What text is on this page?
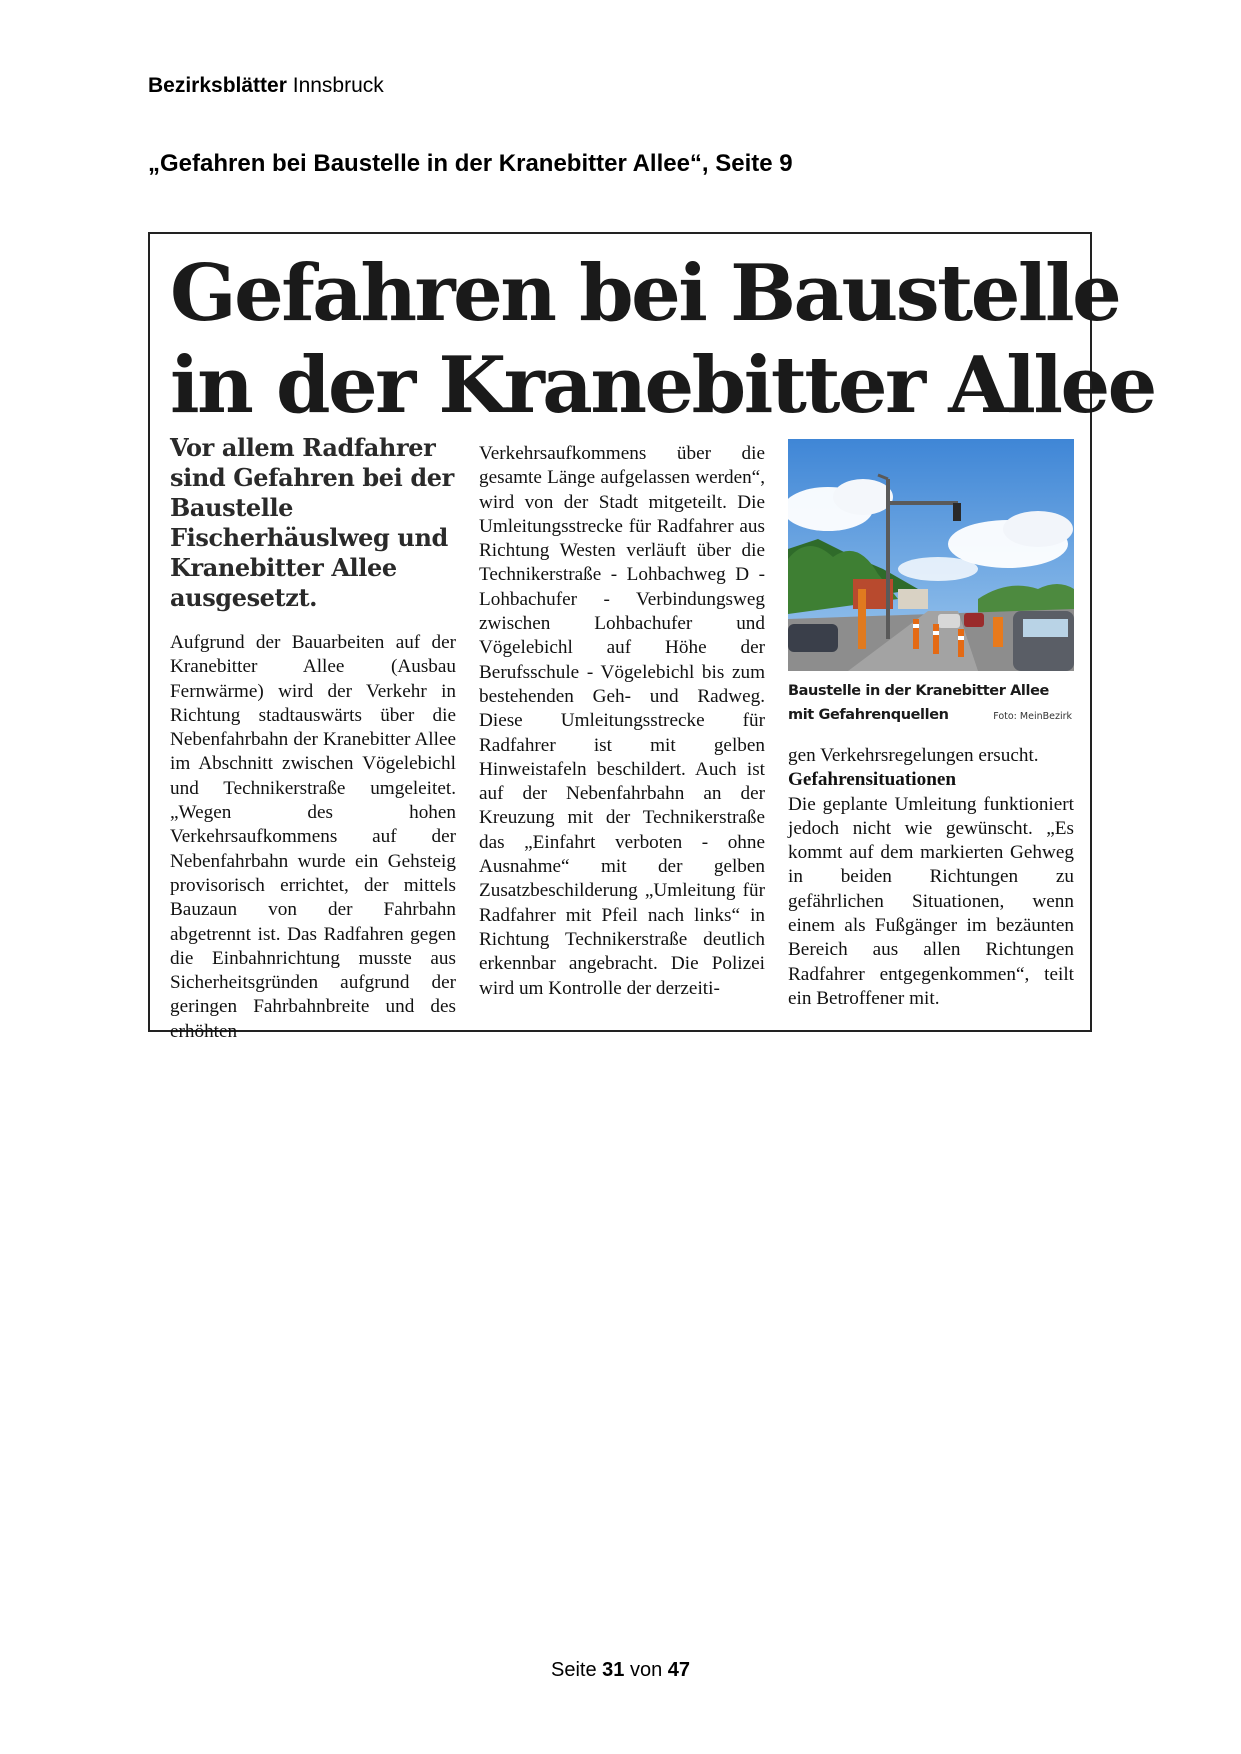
Bezirksblätter Innsbruck
„Gefahren bei Baustelle in der Kranebitter Allee“, Seite 9
Gefahren bei Baustelle
in der Kranebitter Allee
Vor allem Radfahrer sind Gefahren bei der Baustelle Fischerhäuslweg und Kranebitter Allee ausgesetzt.
Aufgrund der Bauarbeiten auf der Kranebitter Allee (Ausbau Fernwärme) wird der Verkehr in Richtung stadtauswärts über die Nebenfahrbahn der Kranebitter Allee im Abschnitt zwischen Vögelebichl und Technikerstraße umgeleitet. „Wegen des hohen Verkehrsaufkommens auf der Nebenfahrbahn wurde ein Gehsteig provisorisch errichtet, der mittels Bauzaun von der Fahrbahn abgetrennt ist. Das Radfahren gegen die Einbahnrichtung musste aus Sicherheitsgründen aufgrund der geringen Fahrbahnbreite und des erhöhten
Verkehrsaufkommens über die gesamte Länge aufgelassen werden“, wird von der Stadt mitgeteilt. Die Umleitungsstrecke für Radfahrer aus Richtung Westen verläuft über die Technikerstraße - Lohbachweg D - Lohbachufer - Verbindungsweg zwischen Lohbachufer und Vögelebichl auf Höhe der Berufsschule - Vögelebichl bis zum bestehenden Geh- und Radweg. Diese Umleitungsstrecke für Radfahrer ist mit gelben Hinweistafeln beschildert. Auch ist auf der Nebenfahrbahn an der Kreuzung mit der Technikerstraße das „Einfahrt verboten - ohne Ausnahme“ mit der gelben Zusatzbeschilderung „Umleitung für Radfahrer mit Pfeil nach links“ in Richtung Technikerstraße deutlich erkennbar angebracht. Die Polizei wird um Kontrolle der derzeiti-
Baustelle in der Kranebitter Allee
mit Gefahrenquellen	Foto: MeinBezirk
gen Verkehrsregelungen ersucht.
Gefahrensituationen
Die geplante Umleitung funktioniert jedoch nicht wie gewünscht. „Es kommt auf dem markierten Gehweg in beiden Richtungen zu gefährlichen Situationen, wenn einem als Fußgänger im bezäunten Bereich aus allen Richtungen Radfahrer entgegenkommen“, teilt ein Betroffener mit.
Seite 31 von 47
